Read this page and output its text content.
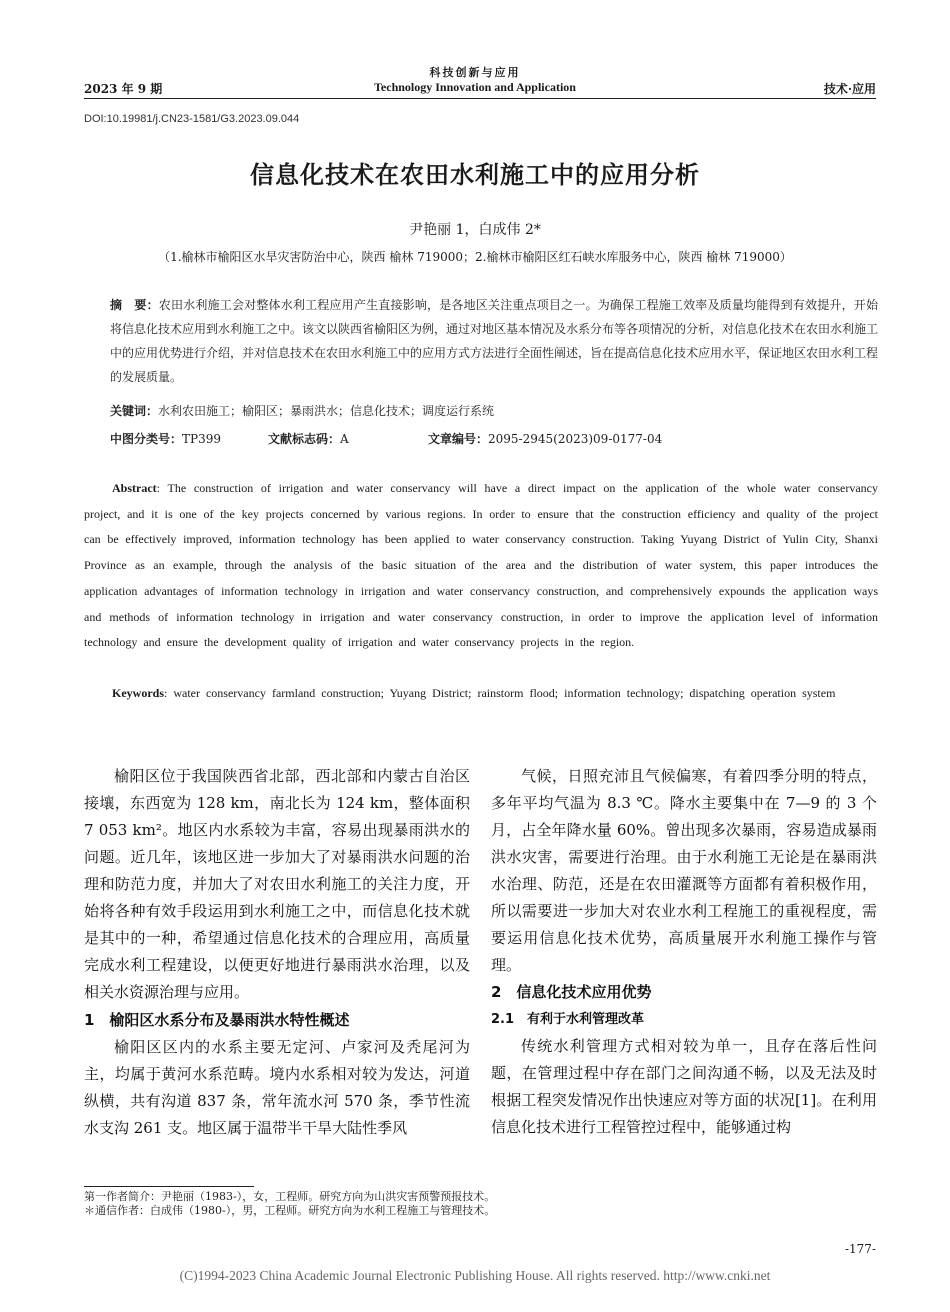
科技创新与应用
2023 年 9 期	Technology Innovation and Application	技术·应用
DOI:10.19981/j.CN23-1581/G3.2023.09.044
信息化技术在农田水利施工中的应用分析
尹艳丽 1，白成伟 2*
（1.榆林市榆阳区水旱灾害防治中心，陕西 榆林 719000；2.榆林市榆阳区红石峡水库服务中心，陕西 榆林 719000）
摘　要：农田水利施工会对整体水利工程应用产生直接影响，是各地区关注重点项目之一。为确保工程施工效率及质量均能得到有效提升，开始将信息化技术应用到水利施工之中。该文以陕西省榆阳区为例，通过对地区基本情况及水系分布等各项情况的分析，对信息化技术在农田水利施工中的应用优势进行介绍，并对信息技术在农田水利施工中的应用方式方法进行全面性阐述，旨在提高信息化技术应用水平，保证地区农田水利工程的发展质量。
关键词：水利农田施工；榆阳区；暴雨洪水；信息化技术；调度运行系统
中图分类号：TP399	文献标志码：A	文章编号：2095-2945(2023)09-0177-04
Abstract: The construction of irrigation and water conservancy will have a direct impact on the application of the whole water conservancy project, and it is one of the key projects concerned by various regions. In order to ensure that the construction efficiency and quality of the project can be effectively improved, information technology has been applied to water conservancy construction. Taking Yuyang District of Yulin City, Shanxi Province as an example, through the analysis of the basic situation of the area and the distribution of water system, this paper introduces the application advantages of information technology in irrigation and water conservancy construction, and comprehensively expounds the application ways and methods of information technology in irrigation and water conservancy construction, in order to improve the application level of information technology and ensure the development quality of irrigation and water conservancy projects in the region.
Keywords: water conservancy farmland construction; Yuyang District; rainstorm flood; information technology; dispatching operation system

榆阳区位于我国陕西省北部，西北部和内蒙古自治区接壤，东西宽为 128 km，南北长为 124 km，整体面积 7 053 km²。地区内水系较为丰富，容易出现暴雨洪水的问题。近几年，该地区进一步加大了对暴雨洪水问题的治理和防范力度，并加大了对农田水利施工的关注力度，开始将各种有效手段运用到水利施工之中，而信息化技术就是其中的一种，希望通过信息化技术的合理应用，高质量完成水利工程建设，以便更好地进行暴雨洪水治理，以及相关水资源治理与应用。

1　榆阳区水系分布及暴雨洪水特性概述

榆阳区区内的水系主要无定河、卢家河及秃尾河为主，均属于黄河水系范畴。境内水系相对较为发达，河道纵横，共有沟道 837 条，常年流水河 570 条，季节性流水支沟 261 支。地区属于温带半干旱大陆性季风

气候，日照充沛且气候偏寒，有着四季分明的特点，多年平均气温为 8.3 ℃。降水主要集中在 7—9 的 3 个月，占全年降水量 60%。曾出现多次暴雨，容易造成暴雨洪水灾害，需要进行治理。由于水利施工无论是在暴雨洪水治理、防范，还是在农田灌溉等方面都有着积极作用，所以需要进一步加大对农业水利工程施工的重视程度，需要运用信息化技术优势，高质量展开水利施工操作与管理。

2　信息化技术应用优势

2.1　有利于水利管理改革

传统水利管理方式相对较为单一，且存在落后性问题，在管理过程中存在部门之间沟通不畅，以及无法及时根据工程突发情况作出快速应对等方面的状况[1]。在利用信息化技术进行工程管控过程中，能够通过构

第一作者简介：尹艳丽（1983-），女，工程师。研究方向为山洪灾害预警预报技术。
＊通信作者：白成伟（1980-），男，工程师。研究方向为水利工程施工与管理技术。
-177-
(C)1994-2023 China Academic Journal Electronic Publishing House. All rights reserved. http://www.cnki.net
